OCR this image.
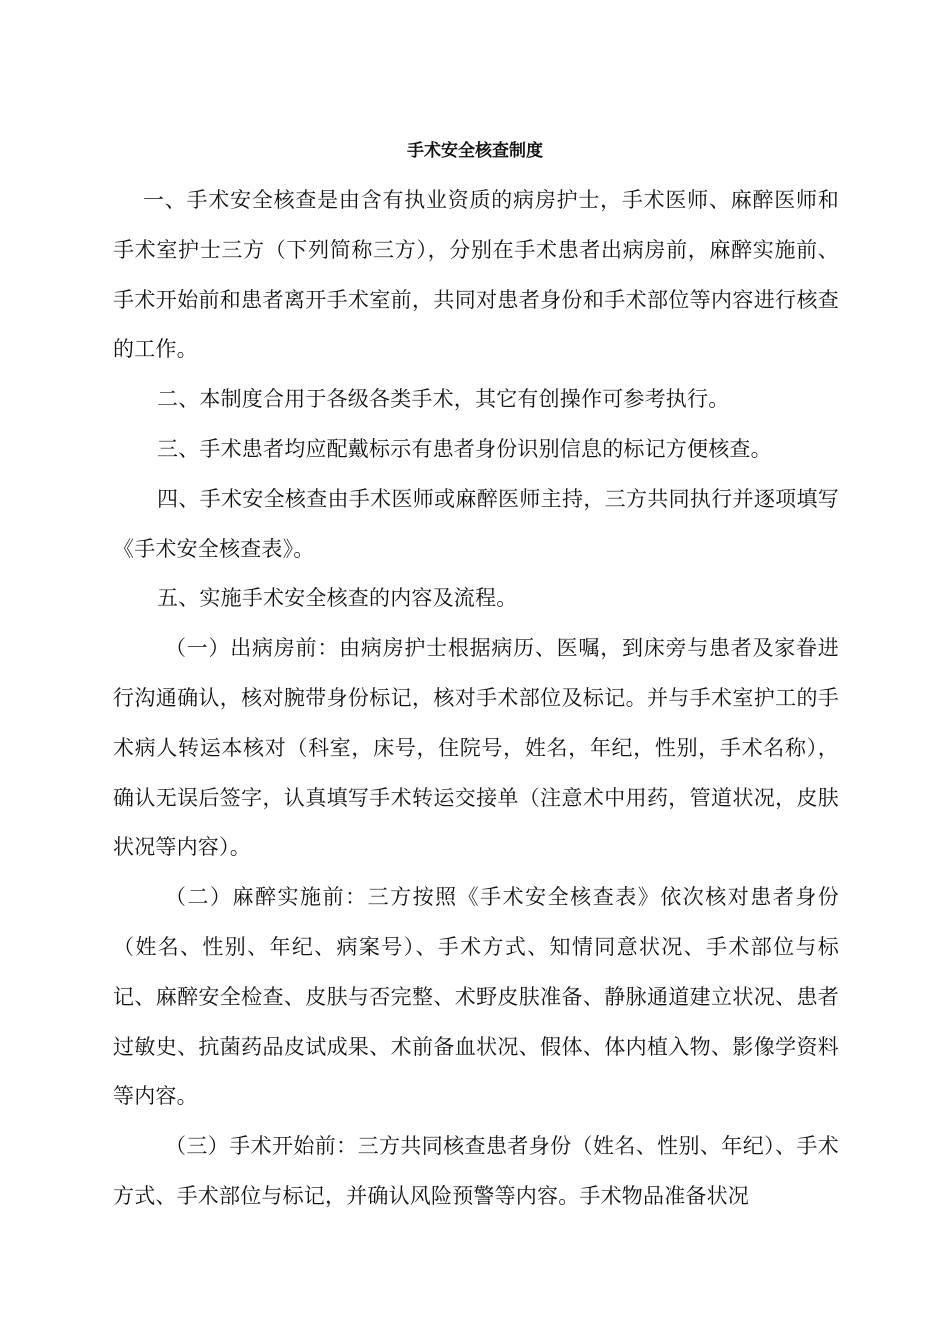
手术安全核查制度

一、手术安全核查是由含有执业资质的病房护士，手术医师、麻醉医师和手术室护士三方（下列简称三方），分别在手术患者出病房前，麻醉实施前、手术开始前和患者离开手术室前，共同对患者身份和手术部位等内容进行核查的工作。

二、本制度合用于各级各类手术，其它有创操作可参考执行。

三、手术患者均应配戴标示有患者身份识别信息的标记方便核查。

四、手术安全核查由手术医师或麻醉医师主持，三方共同执行并逐项填写《手术安全核查表》。

五、实施手术安全核查的内容及流程。

（一）出病房前：由病房护士根据病历、医嘱，到床旁与患者及家眷进行沟通确认，核对腕带身份标记，核对手术部位及标记。并与手术室护工的手术病人转运本核对（科室，床号，住院号，姓名，年纪，性别，手术名称），确认无误后签字，认真填写手术转运交接单（注意术中用药，管道状况，皮肤状况等内容）。

（二）麻醉实施前：三方按照《手术安全核查表》依次核对患者身份（姓名、性别、年纪、病案号）、手术方式、知情同意状况、手术部位与标记、麻醉安全检查、皮肤与否完整、术野皮肤准备、静脉通道建立状况、患者过敏史、抗菌药品皮试成果、术前备血状况、假体、体内植入物、影像学资料等内容。

（三）手术开始前：三方共同核查患者身份（姓名、性别、年纪）、手术方式、手术部位与标记，并确认风险预警等内容。手术物品准备状况
